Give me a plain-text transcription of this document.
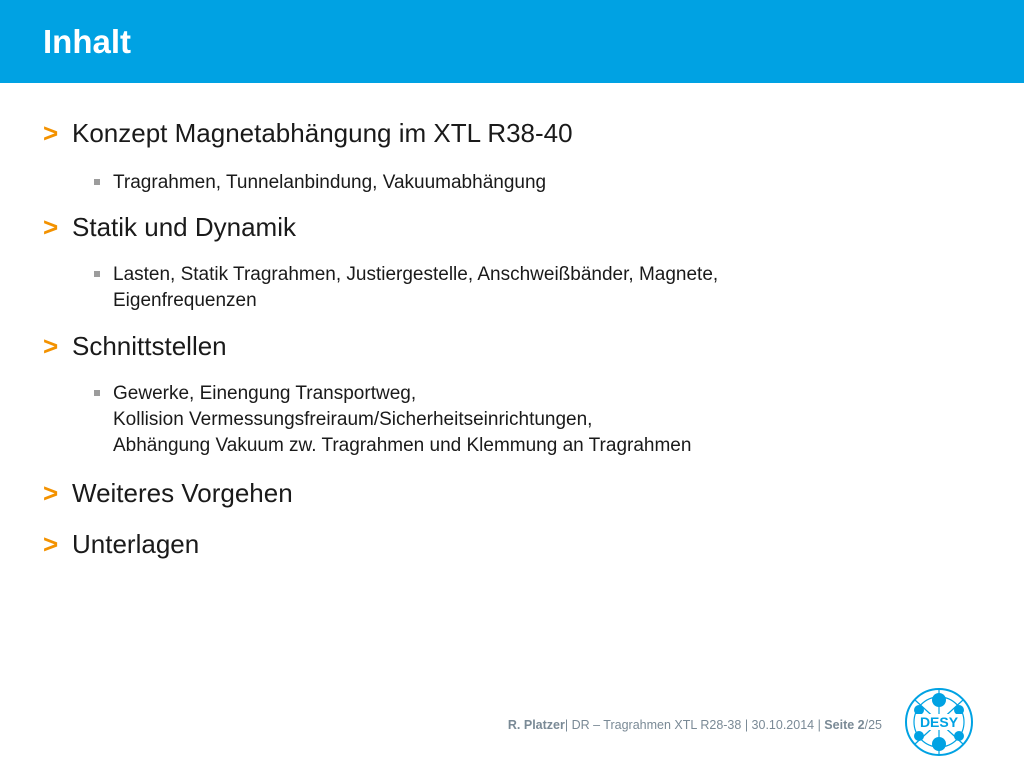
Inhalt
> Konzept Magnetabhängung im XTL R38-40
Tragrahmen, Tunnelanbindung, Vakuumabhängung
> Statik und Dynamik
Lasten, Statik Tragrahmen, Justiergestelle, Anschweißbänder, Magnete,
Eigenfrequenzen
> Schnittstellen
Gewerke, Einengung Transportweg,
Kollision Vermessungsfreiraum/Sicherheitseinrichtungen,
Abhängung Vakuum zw. Tragrahmen und Klemmung an Tragrahmen
> Weiteres Vorgehen
> Unterlagen
R. Platzer| DR – Tragrahmen XTL R28-38 | 30.10.2014 | Seite 2/25	DESY
